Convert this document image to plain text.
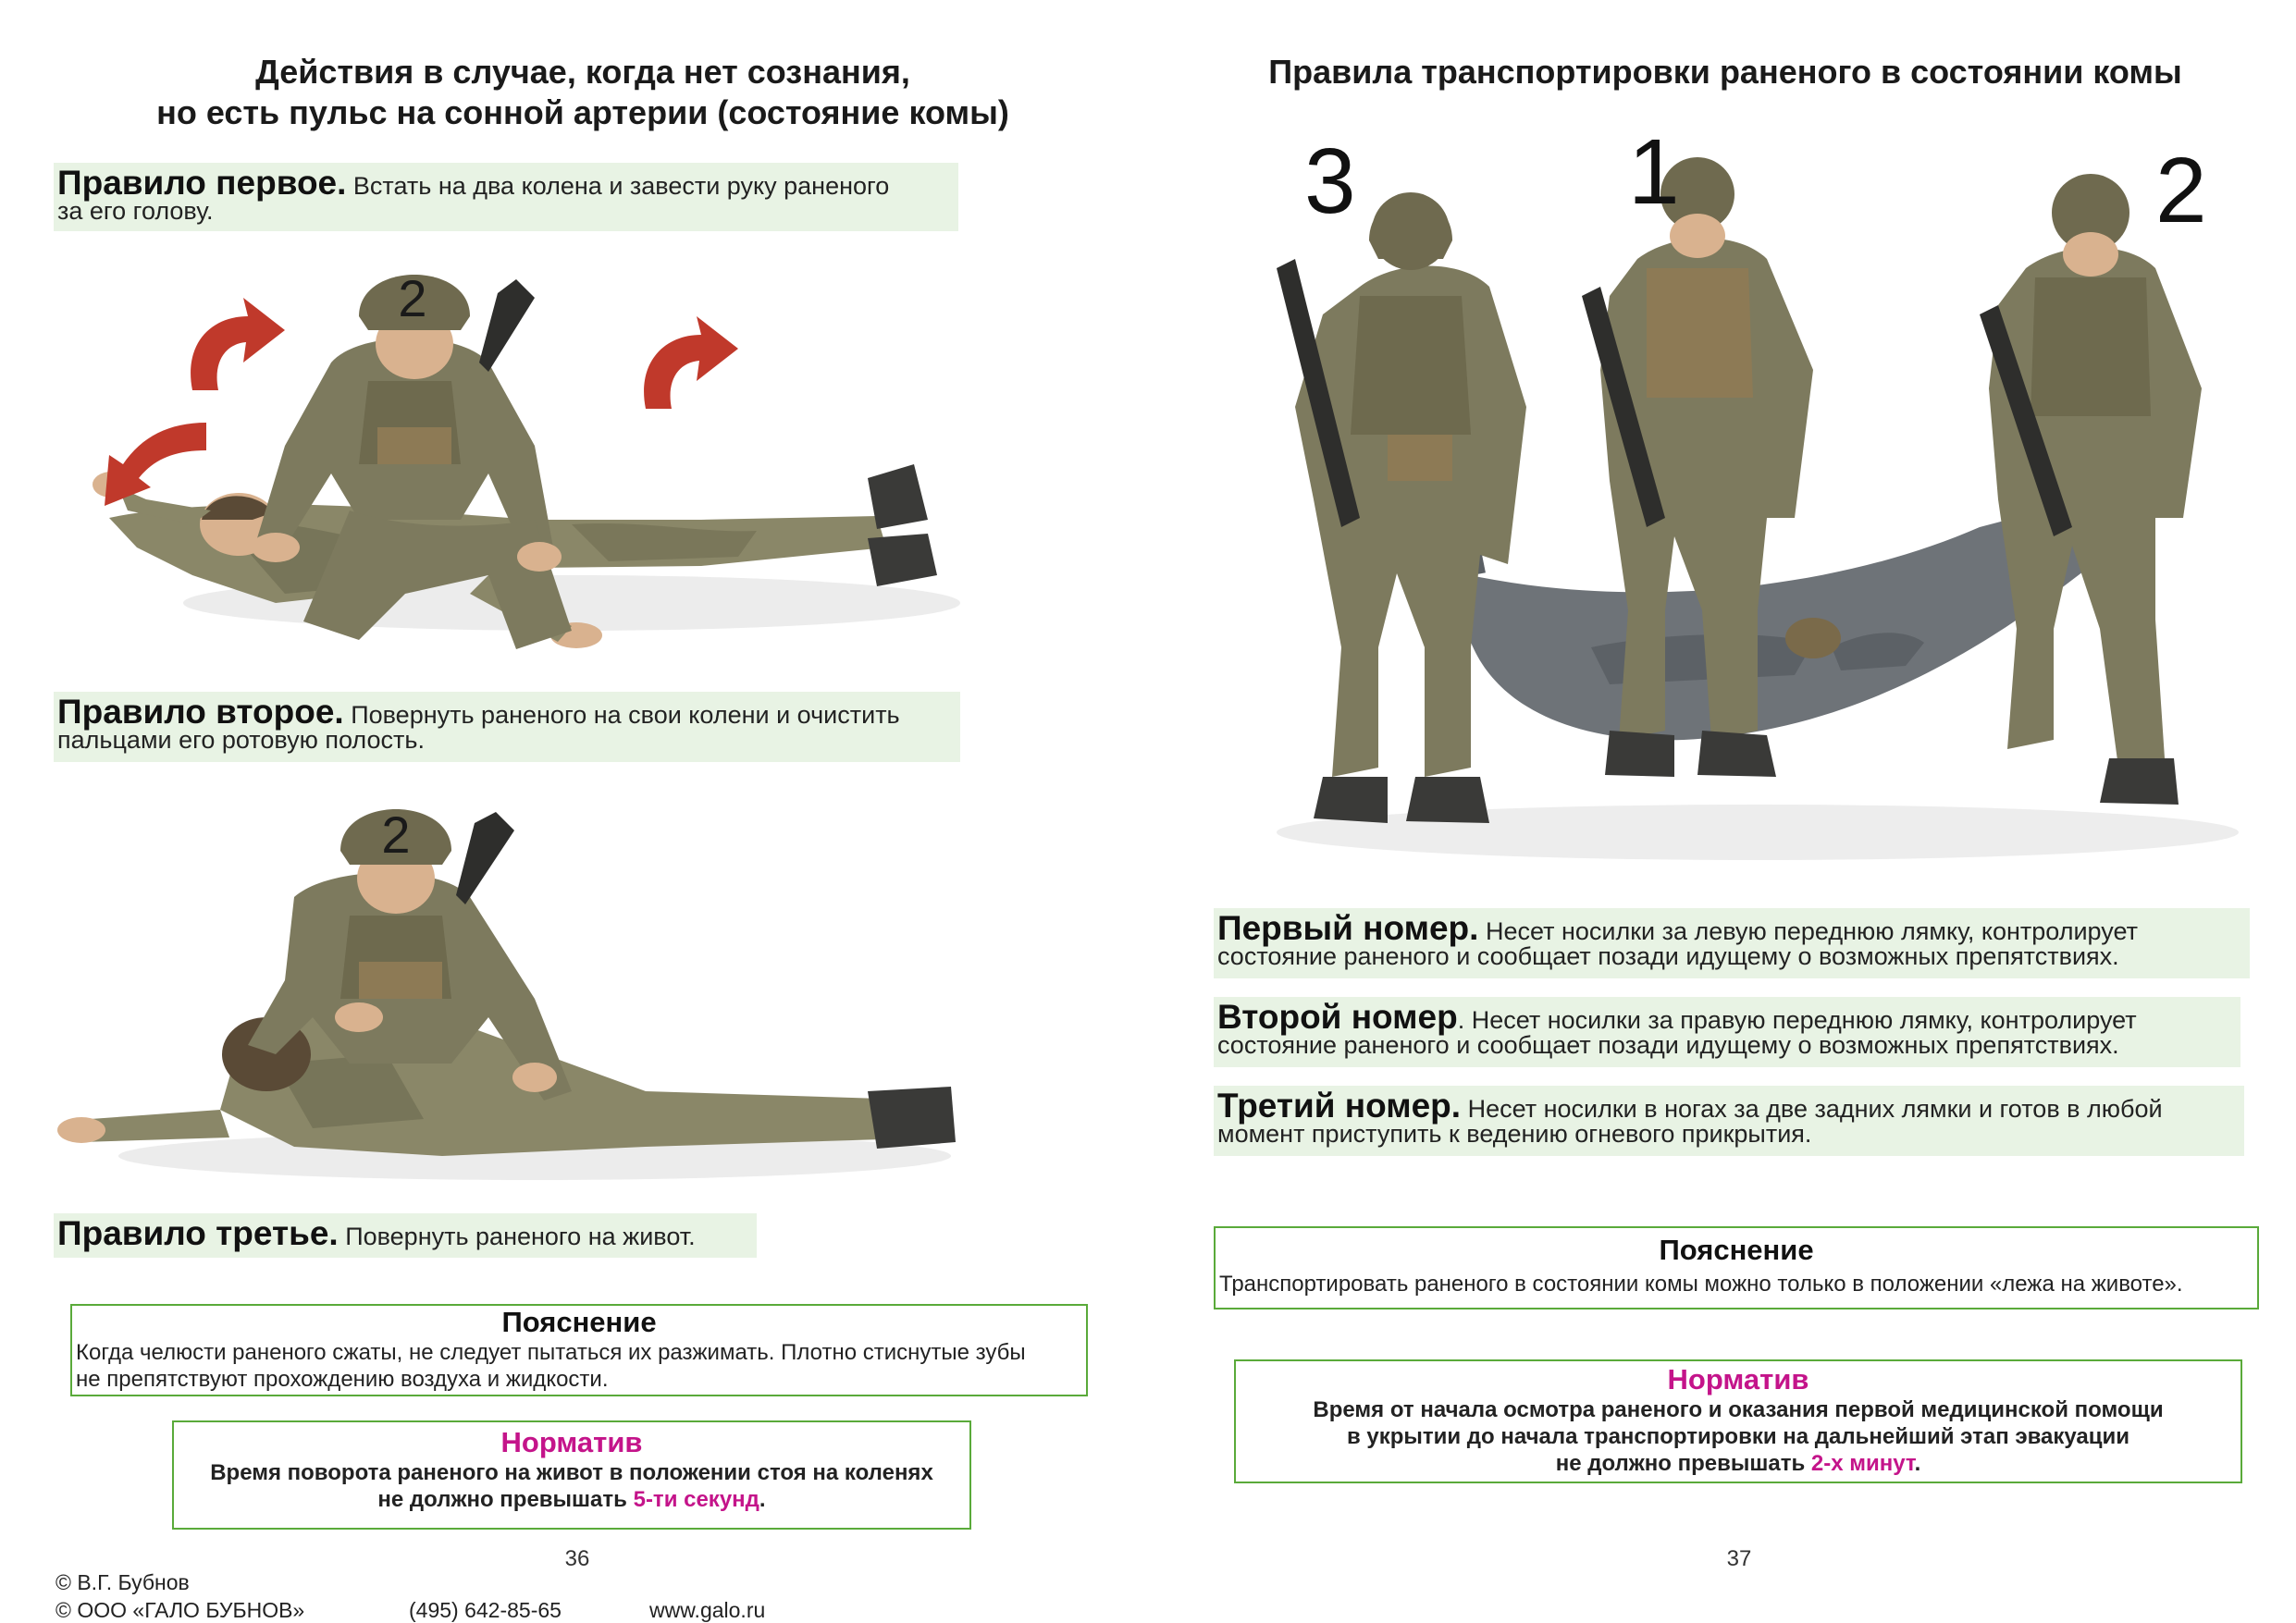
Действия в случае, когда нет сознания,
но есть пульс на сонной артерии (состояние комы)
Правило первое. Встать на два колена и завести руку раненого
за его голову.
2
Правило второе. Повернуть раненого на свои колени и очистить
пальцами его ротовую полость.
2
Правило третье. Повернуть раненого на живот.
Пояснение
Когда челюсти раненого сжаты, не следует пытаться их разжимать. Плотно стиснутые зубы
не препятствуют прохождению воздуха и жидкости.
Норматив
Время поворота раненого на живот в положении стоя на коленях
не должно превышать 5-ти секунд.
36
© В.Г. Бубнов
© ООО «ГАЛО БУБНОВ»	(495) 642-85-65	www.galo.ru
Правила транспортировки раненого в состоянии комы
3	1	2
Первый номер. Несет носилки за левую переднюю лямку, контролирует
состояние раненого и сообщает позади идущему о возможных препятствиях.
Второй номер. Несет носилки за правую переднюю лямку, контролирует
состояние раненого и сообщает позади идущему о возможных препятствиях.
Третий номер. Несет носилки в ногах за две задних лямки и готов в любой
момент приступить к ведению огневого прикрытия.
Пояснение
Транспортировать раненого в состоянии комы можно только в положении «лежа на животе».
Норматив
Время от начала осмотра раненого и оказания первой медицинской помощи
в укрытии до начала транспортировки на дальнейший этап эвакуации
не должно превышать 2-х минут.
37
